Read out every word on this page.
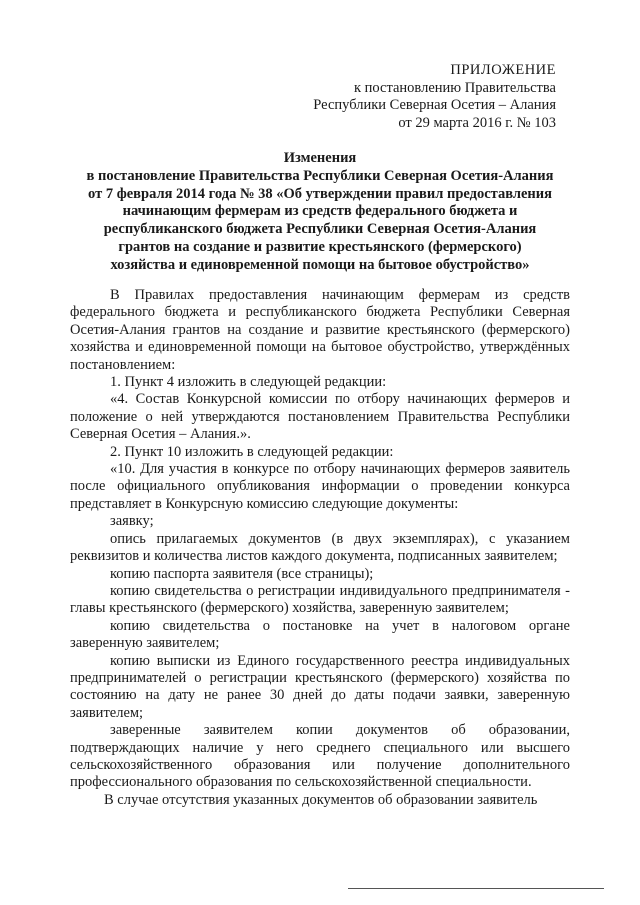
ПРИЛОЖЕНИЕ
к постановлению Правительства
Республики Северная Осетия – Алания
от 29 марта 2016 г. № 103
Изменения
в постановление Правительства Республики Северная Осетия-Алания
от 7 февраля 2014 года № 38 «Об утверждении правил предоставления
начинающим фермерам из средств федерального бюджета и
республиканского бюджета Республики Северная Осетия-Алания
грантов на создание и развитие крестьянского (фермерского)
хозяйства и единовременной помощи на бытовое обустройство»

В Правилах предоставления начинающим фермерам из средств федерального бюджета и республиканского бюджета Республики Северная Осетия-Алания грантов на создание и развитие крестьянского (фермерского) хозяйства и единовременной помощи на бытовое обустройство, утверждённых постановлением:

1. Пункт 4 изложить в следующей редакции:

«4. Состав Конкурсной комиссии по отбору начинающих фермеров и положение о ней утверждаются постановлением Правительства Республики Северная Осетия – Алания.».

2. Пункт 10 изложить в следующей редакции:

«10. Для участия в конкурсе по отбору начинающих фермеров заявитель после официального опубликования информации о проведении конкурса представляет в Конкурсную комиссию следующие документы:

заявку;

опись прилагаемых документов (в двух экземплярах), с указанием реквизитов и количества листов каждого документа, подписанных заявителем;

копию паспорта заявителя (все страницы);

копию свидетельства о регистрации индивидуального предпринимателя - главы крестьянского (фермерского) хозяйства, заверенную заявителем;

копию свидетельства о постановке на учет в налоговом органе заверенную заявителем;

копию выписки из Единого государственного реестра индивидуальных предпринимателей о регистрации крестьянского (фермерского) хозяйства по состоянию на дату не ранее 30 дней до даты подачи заявки, заверенную заявителем;

заверенные заявителем копии документов об образовании, подтверждающих наличие у него среднего специального или высшего сельскохозяйственного образования или получение дополнительного профессионального образования по сельскохозяйственной специальности.

В случае отсутствия указанных документов об образовании заявитель
